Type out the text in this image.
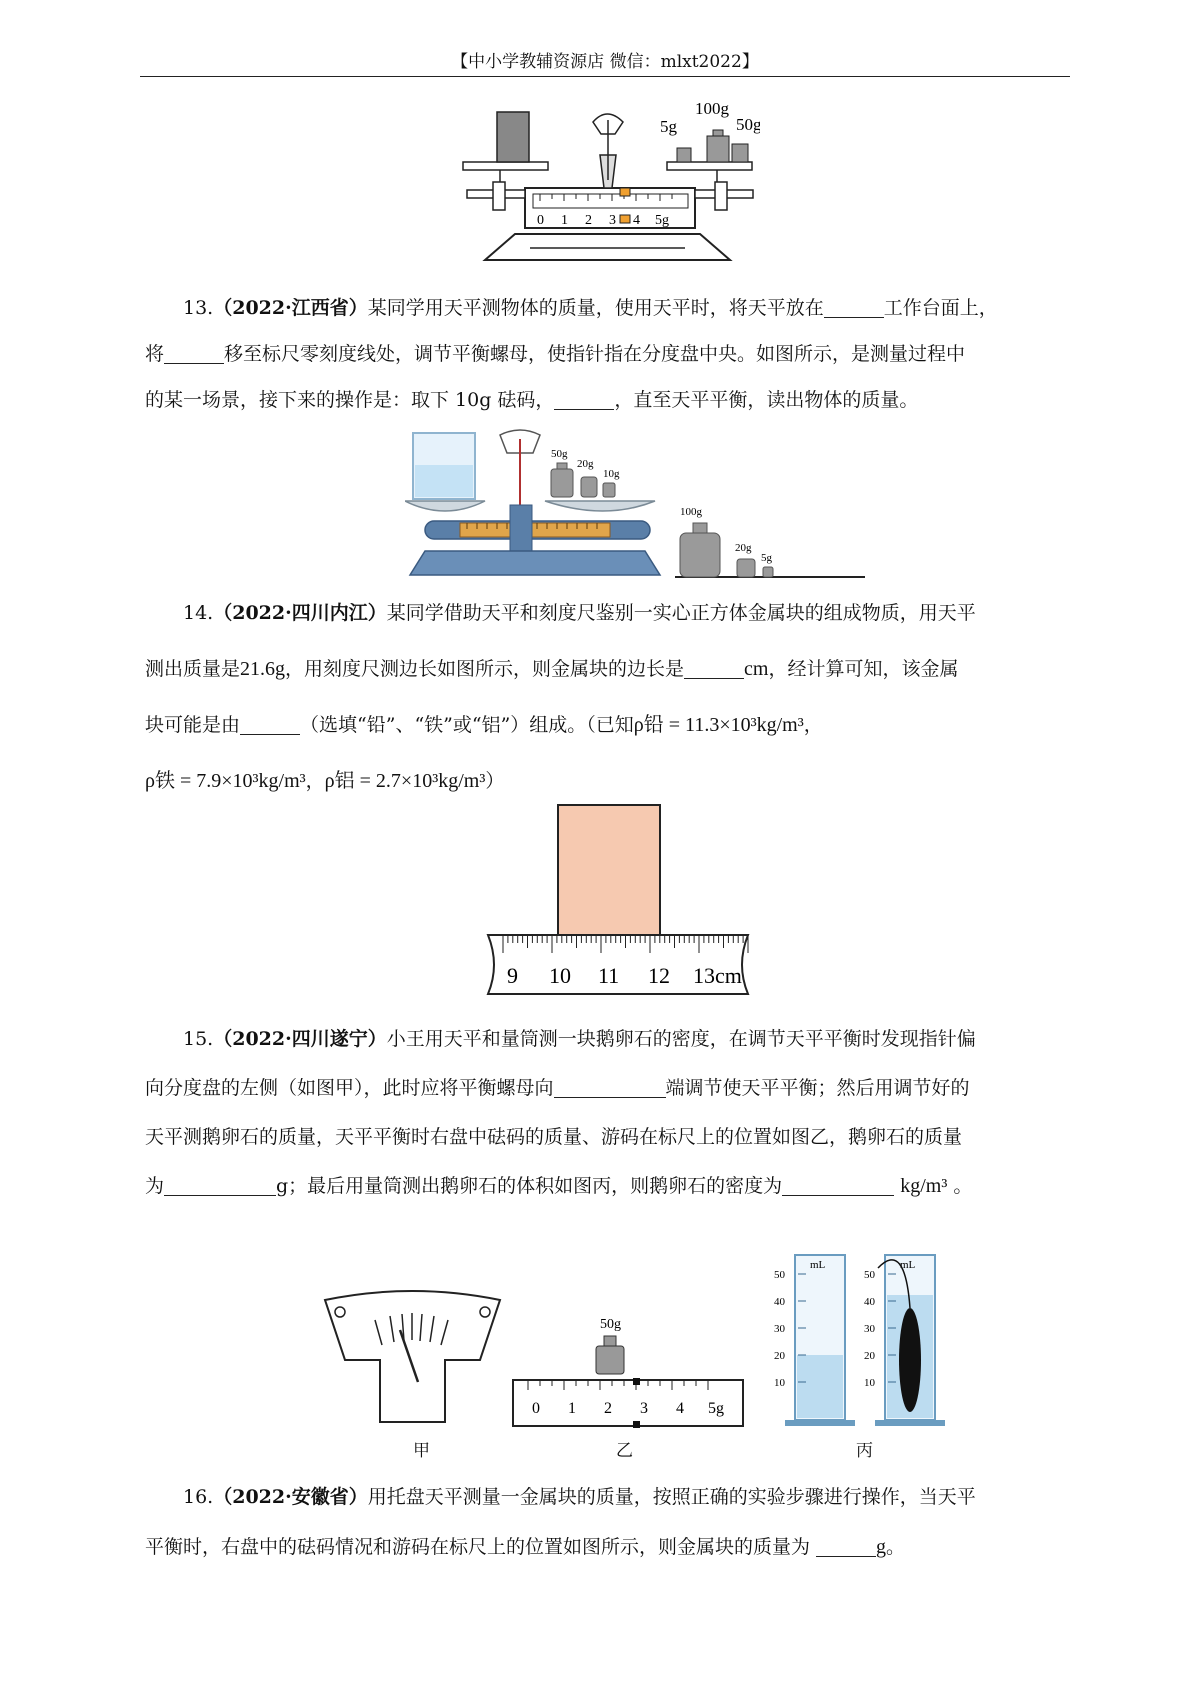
【中小学教辅资源店 微信：mlxt2022】
5g
100g
50g
0 1 2 3 4 5g
  13.（2022·江西省）某同学用天平测物体的质量，使用天平时，将天平放在	工作台面上，
将	移至标尺零刻度线处，调节平衡螺母，使指针指在分度盘中央。如图所示，是测量过程中
的某一场景，接下来的操作是：取下 10g 砝码，	，直至天平平衡，读出物体的质量。
50g
20g
10g
100g
20g
5g
  14.（2022·四川内江）某同学借助天平和刻度尺鉴别一实心正方体金属块的组成物质，用天平
测出质量是21.6g，用刻度尺测边长如图所示，则金属块的边长是	cm，经计算可知，该金属
块可能是由	（选填“铅”、“铁”或“铝”）组成。（已知ρ铅 = 11.3×10³kg/m³，
ρ铁 = 7.9×10³kg/m³，ρ铝 = 2.7×10³kg/m³）
9 10 11 12 13cm
  15.（2022·四川遂宁）小王用天平和量筒测一块鹅卵石的密度，在调节天平平衡时发现指针偏
向分度盘的左侧（如图甲），此时应将平衡螺母向	端调节使天平平衡；然后用调节好的
天平测鹅卵石的质量，天平平衡时右盘中砝码的质量、游码在标尺上的位置如图乙，鹅卵石的质量
为	g；最后用量筒测出鹅卵石的体积如图丙，则鹅卵石的密度为	kg/m³ 。
50g
0 1 2 3 4 5g
mL
50
40
30
20
10
mL
50
40
30
20
10
甲	乙	丙
  16.（2022·安徽省）用托盘天平测量一金属块的质量，按照正确的实验步骤进行操作，当天平
平衡时，右盘中的砝码情况和游码在标尺上的位置如图所示，则金属块的质量为	g。
